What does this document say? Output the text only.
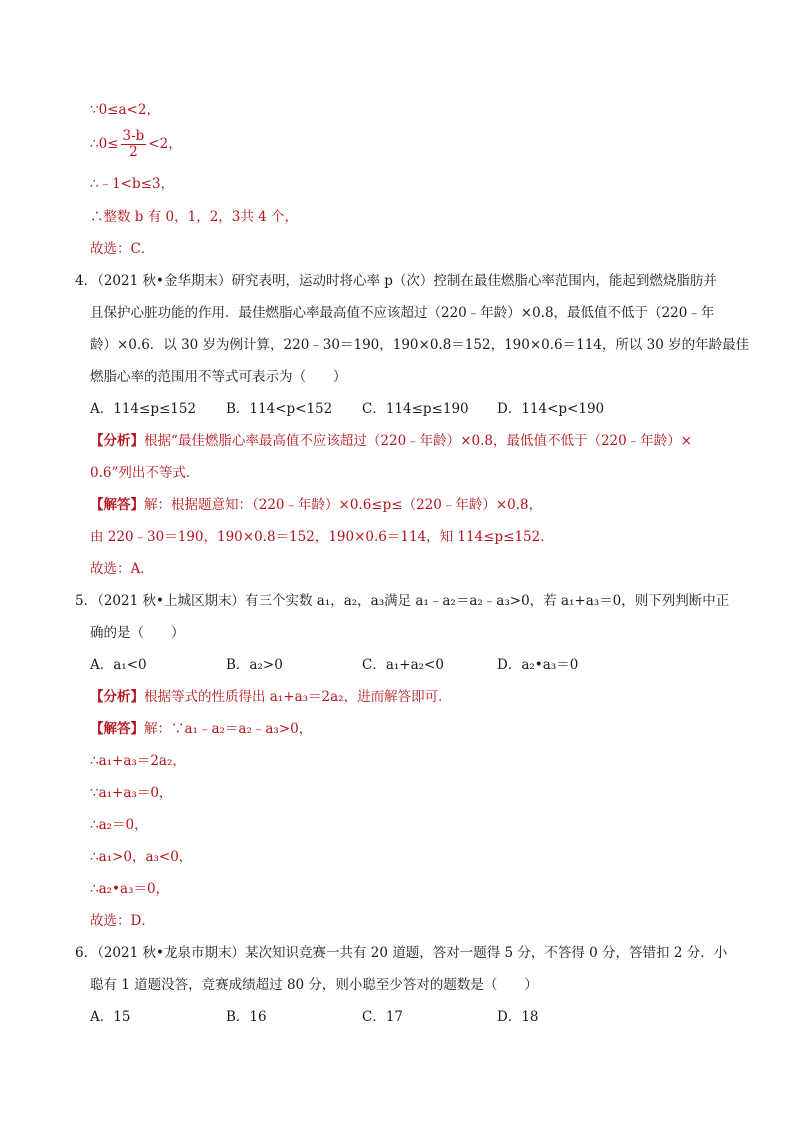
∵0≤a<2，
∴0≤ $\frac{3-b}{2} <2$，
∴﹣1<b≤3，
∴整数 b 有 0，1，2，3共 4 个，
故选：C．
4．（2021 秋•金华期末）研究表明，运动时将心率 p（次）控制在最佳燃脂心率范围内，能起到燃烧脂肪并
且保护心脏功能的作用．最佳燃脂心率最高值不应该超过（220﹣年龄）×0.8，最低值不低于（220﹣年
龄）×0.6．以 30 岁为例计算，220﹣30＝190，190×0.8＝152，190×0.6＝114，所以 30 岁的年龄最佳
燃脂心率的范围用不等式可表示为（　　）
A．114≤p≤152 B．114<p<152 C．114≤p≤190 D．114<p<190
【分析】根据“最佳燃脂心率最高值不应该超过（220﹣年龄）×0.8，最低值不低于（220﹣年龄）×
0.6”列出不等式．
【解答】解：根据题意知：（220﹣年龄）×0.6≤p≤（220﹣年龄）×0.8，
由 220﹣30＝190，190×0.8＝152，190×0.6＝114，知 114≤p≤152．
故选：A．
5．（2021 秋•上城区期末）有三个实数 a₁，a₂，a₃满足 a₁﹣a₂＝a₂﹣a₃>0，若 a₁+a₃＝0，则下列判断中正
确的是（　　）
A．a₁<0	B．a₂>0	C．a₁+a₂<0	D．a₂•a₃＝0
【分析】根据等式的性质得出 a₁+a₃＝2a₂，进而解答即可．
【解答】解：∵a₁﹣a₂＝a₂﹣a₃>0，
∴a₁+a₃＝2a₂，
∵a₁+a₃＝0，
∴a₂＝0，
∴a₁>0，a₃<0，
∴a₂•a₃＝0，
故选：D．
6．（2021 秋•龙泉市期末）某次知识竞赛一共有 20 道题，答对一题得 5 分，不答得 0 分，答错扣 2 分．小
聪有 1 道题没答，竞赛成绩超过 80 分，则小聪至少答对的题数是（　　）
A．15	B．16	C．17	D．18
